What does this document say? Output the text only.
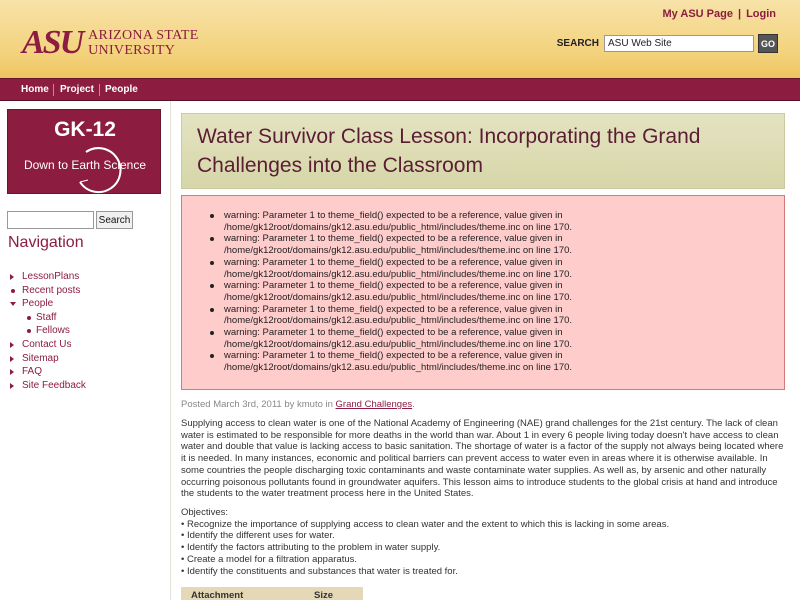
ASU ARIZONA STATE
UNIVERSITY
My ASU Page | Login
SEARCH
ASU Web Site	GO
Home Project People
GK-12
Down to Earth Science
Search
Navigation
LessonPlans
Recent posts
People
Staff
Fellows
Contact Us
Sitemap
FAQ
Site Feedback
Water Survivor Class Lesson: Incorporating the Grand Challenges into the Classroom
warning: Parameter 1 to theme_field() expected to be a reference, value given in
/home/gk12root/domains/gk12.asu.edu/public_html/includes/theme.inc on line 170.
warning: Parameter 1 to theme_field() expected to be a reference, value given in
/home/gk12root/domains/gk12.asu.edu/public_html/includes/theme.inc on line 170.
warning: Parameter 1 to theme_field() expected to be a reference, value given in
/home/gk12root/domains/gk12.asu.edu/public_html/includes/theme.inc on line 170.
warning: Parameter 1 to theme_field() expected to be a reference, value given in
/home/gk12root/domains/gk12.asu.edu/public_html/includes/theme.inc on line 170.
warning: Parameter 1 to theme_field() expected to be a reference, value given in
/home/gk12root/domains/gk12.asu.edu/public_html/includes/theme.inc on line 170.
warning: Parameter 1 to theme_field() expected to be a reference, value given in
/home/gk12root/domains/gk12.asu.edu/public_html/includes/theme.inc on line 170.
warning: Parameter 1 to theme_field() expected to be a reference, value given in
/home/gk12root/domains/gk12.asu.edu/public_html/includes/theme.inc on line 170.
Posted March 3rd, 2011 by kmuto in Grand Challenges.
Supplying access to clean water is one of the National Academy of Engineering (NAE) grand challenges for the 21st century. The lack of clean water is estimated to be responsible for more deaths in the world than war. About 1 in every 6 people living today doesn't have access to clean water and double that value is lacking access to basic sanitation. The shortage of water is a factor of the supply not always being located where it is needed. In many instances, economic and political barriers can prevent access to water even in areas where it is otherwise available. In some countries the people discharging toxic contaminants and waste contaminate water supplies. As well as, by arsenic and other naturally occurring poisonous pollutants found in groundwater aquifers. This lesson aims to introduce students to the global crisis at hand and introduce the students to the water treatment process here in the United States.
Objectives:
• Recognize the importance of supplying access to clean water and the extent to which this is lacking in some areas.
• Identify the different uses for water.
• Identify the factors attributing to the problem in water supply.
• Create a model for a filtration apparatus.
• Identify the constituents and substances that water is treated for.
Attachment	Size
